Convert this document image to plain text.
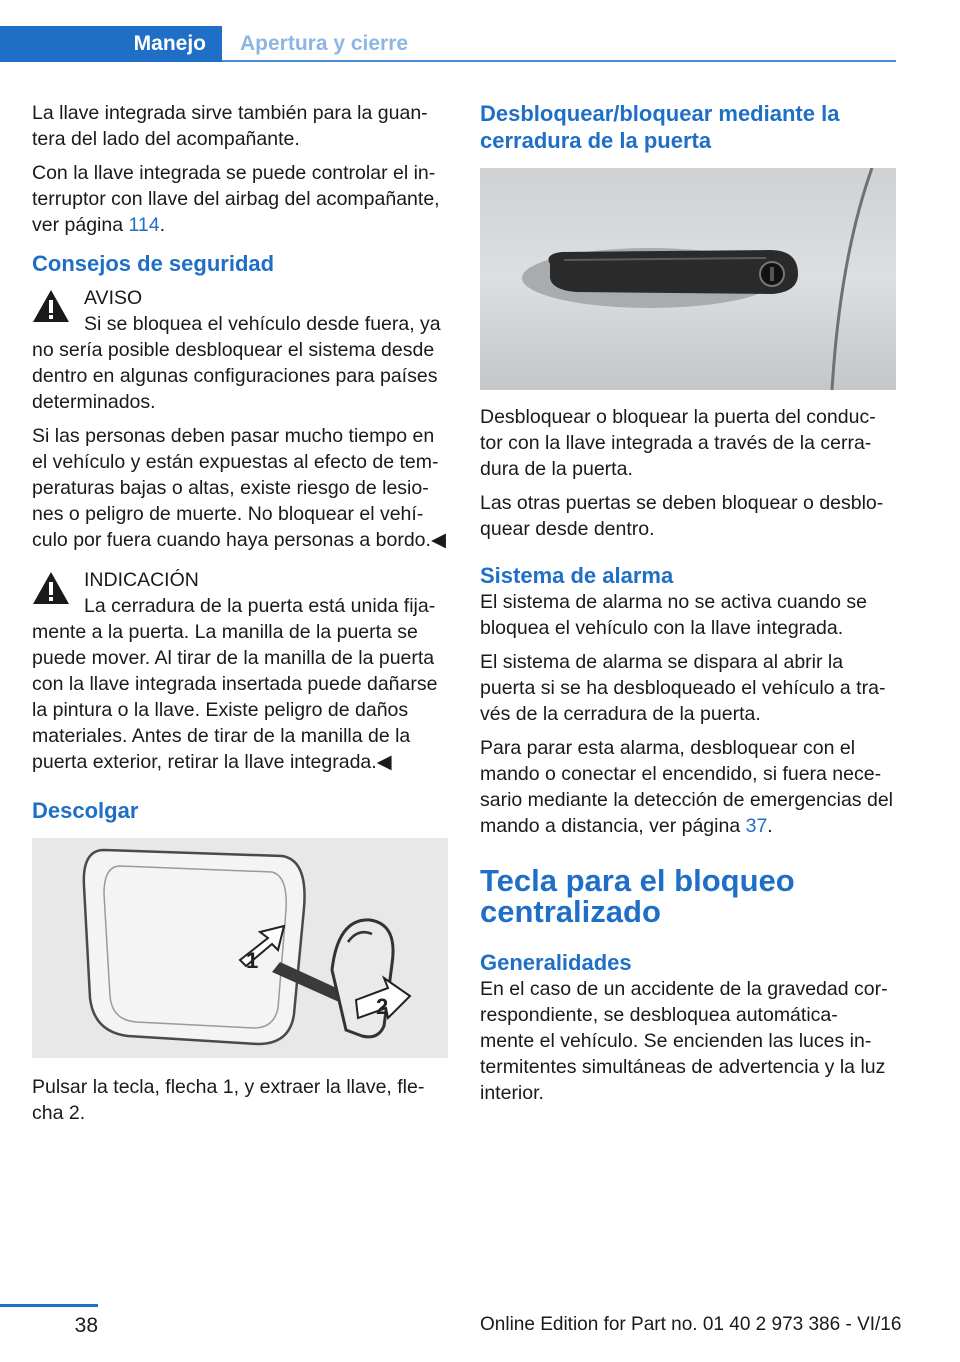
Manejo	Apertura y cierre

La llave integrada sirve también para la guan‐ tera del lado del acompañante.

Con la llave integrada se puede controlar el in‐ terruptor con llave del airbag del acompañante, ver página 114.

Consejos de seguridad

AVISO

Si se bloquea el vehículo desde fuera, ya no sería posible desbloquear el sistema desde dentro en algunas configuraciones para países determinados.

Si las personas deben pasar mucho tiempo en el vehículo y están expuestas al efecto de tem‐ peraturas bajas o altas, existe riesgo de lesio‐ nes o peligro de muerte. No bloquear el vehí‐ culo por fuera cuando haya personas a bordo.◀

INDICACIÓN

La cerradura de la puerta está unida fija‐ mente a la puerta. La manilla de la puerta se puede mover. Al tirar de la manilla de la puerta con la llave integrada insertada puede dañarse la pintura o la llave. Existe peligro de daños materiales. Antes de tirar de la manilla de la puerta exterior, retirar la llave integrada.◀

Descolgar
1
2

Pulsar la tecla, flecha 1, y extraer la llave, fle‐ cha 2.

Desbloquear/bloquear mediante la cerradura de la puerta

Desbloquear o bloquear la puerta del conduc‐ tor con la llave integrada a través de la cerra‐ dura de la puerta.

Las otras puertas se deben bloquear o desblo‐ quear desde dentro.

Sistema de alarma

El sistema de alarma no se activa cuando se bloquea el vehículo con la llave integrada.

El sistema de alarma se dispara al abrir la puerta si se ha desbloqueado el vehículo a tra‐ vés de la cerradura de la puerta.

Para parar esta alarma, desbloquear con el mando o conectar el encendido, si fuera nece‐ sario mediante la detección de emergencias del mando a distancia, ver página 37.

Tecla para el bloqueo centralizado
Generalidades

En el caso de un accidente de la gravedad cor‐ respondiente, se desbloquea automática‐ mente el vehículo. Se encienden las luces in‐ termitentes simultáneas de advertencia y la luz interior.

38	Online Edition for Part no. 01 40 2 973 386 - VI/16
